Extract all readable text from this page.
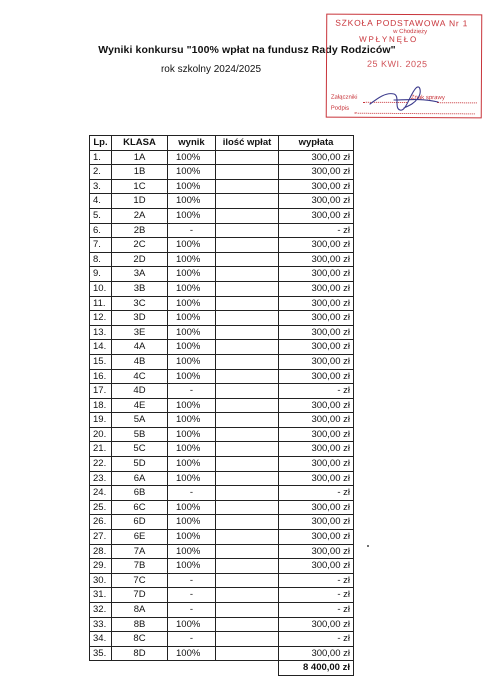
Wyniki konkursu "100% wpłat na fundusz Rady Rodziców"
rok szkolny 2024/2025
SZKOŁA PODSTAWOWA Nr 1
w Chodzieży
WPŁYNĘŁO
25 KWI. 2025
Załączniki	Znak sprawy
Podpis
Lp.	KLASA	wynik	ilość wpłat	wypłata
1.	1A	100%		300,00 zł
2.	1B	100%		300,00 zł
3.	1C	100%		300,00 zł
4.	1D	100%		300,00 zł
5.	2A	100%		300,00 zł
6.	2B	-		- zł
7.	2C	100%		300,00 zł
8.	2D	100%		300,00 zł
9.	3A	100%		300,00 zł
10.	3B	100%		300,00 zł
11.	3C	100%		300,00 zł
12.	3D	100%		300,00 zł
13.	3E	100%		300,00 zł
14.	4A	100%		300,00 zł
15.	4B	100%		300,00 zł
16.	4C	100%		300,00 zł
17.	4D	-		- zł
18.	4E	100%		300,00 zł
19.	5A	100%		300,00 zł
20.	5B	100%		300,00 zł
21.	5C	100%		300,00 zł
22.	5D	100%		300,00 zł
23.	6A	100%		300,00 zł
24.	6B	-		- zł
25.	6C	100%		300,00 zł
26.	6D	100%		300,00 zł
27.	6E	100%		300,00 zł
28.	7A	100%		300,00 zł
29.	7B	100%		300,00 zł
30.	7C	-		- zł
31.	7D	-		- zł
32.	8A	-		- zł
33.	8B	100%		300,00 zł
34.	8C	-		- zł
35.	8D	100%		300,00 zł
				8 400,00 zł
